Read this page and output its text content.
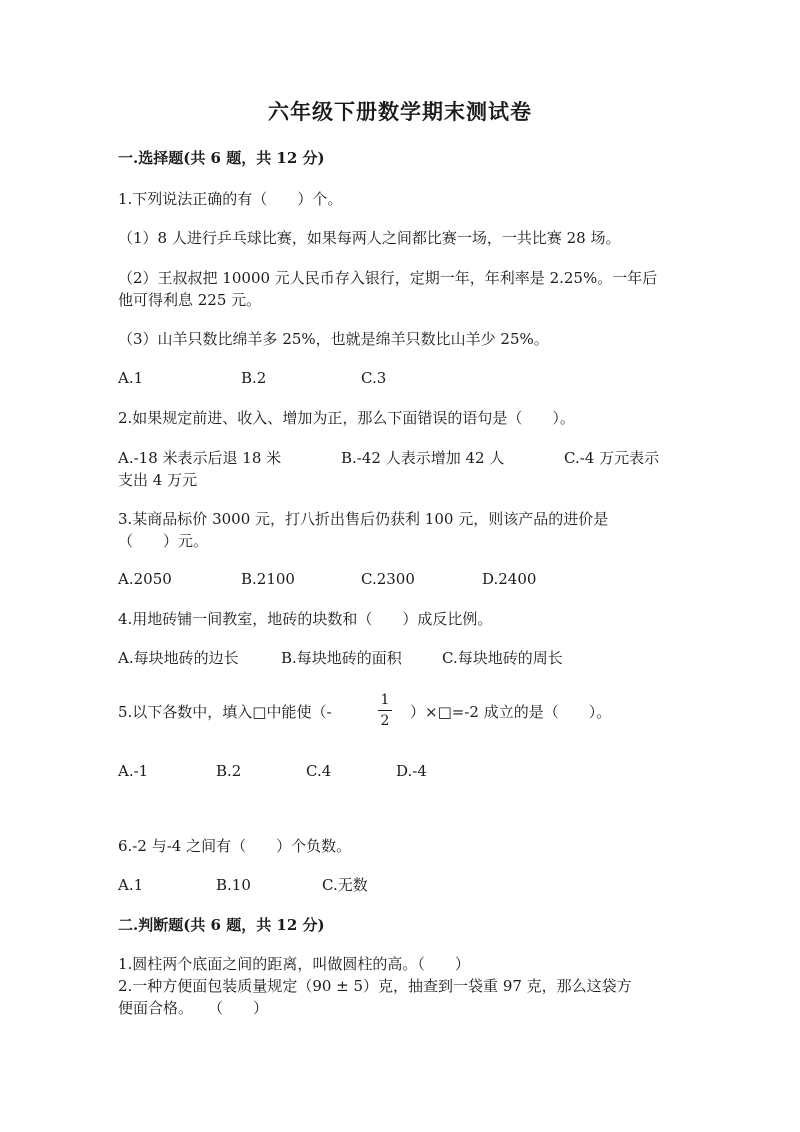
六年级下册数学期末测试卷
一.选择题(共 6 题，共 12 分)
1.下列说法正确的有（　　）个。
（1）8 人进行乒乓球比赛，如果每两人之间都比赛一场，一共比赛 28 场。
（2）王叔叔把 10000 元人民币存入银行，定期一年，年利率是 2.25%。一年后
他可得利息 225 元。
（3）山羊只数比绵羊多 25%，也就是绵羊只数比山羊少 25%。
A.1	B.2	C.3
2.如果规定前进、收入、增加为正，那么下面错误的语句是（　　）。
A.-18 米表示后退 18 米	B.-42 人表示增加 42 人	C.-4 万元表示
支出 4 万元
3.某商品标价 3000 元，打八折出售后仍获利 100 元，则该产品的进价是
（　　）元。
A.2050	B.2100	C.2300	D.2400
4.用地砖铺一间教室，地砖的块数和（　　）成反比例。
A.每块地砖的边长	B.每块地砖的面积	C.每块地砖的周长
5.以下各数中，填入□中能使（-
1
2	）×□=-2 成立的是（　　）。
A.-1	B.2	C.4	D.-4
6.-2 与-4 之间有（　　）个负数。
A.1	B.10	C.无数
二.判断题(共 6 题，共 12 分)
1.圆柱两个底面之间的距离，叫做圆柱的高。（　　）
2.一种方便面包装质量规定（90 ± 5）克，抽查到一袋重 97 克，那么这袋方
便面合格。　　（　　）
